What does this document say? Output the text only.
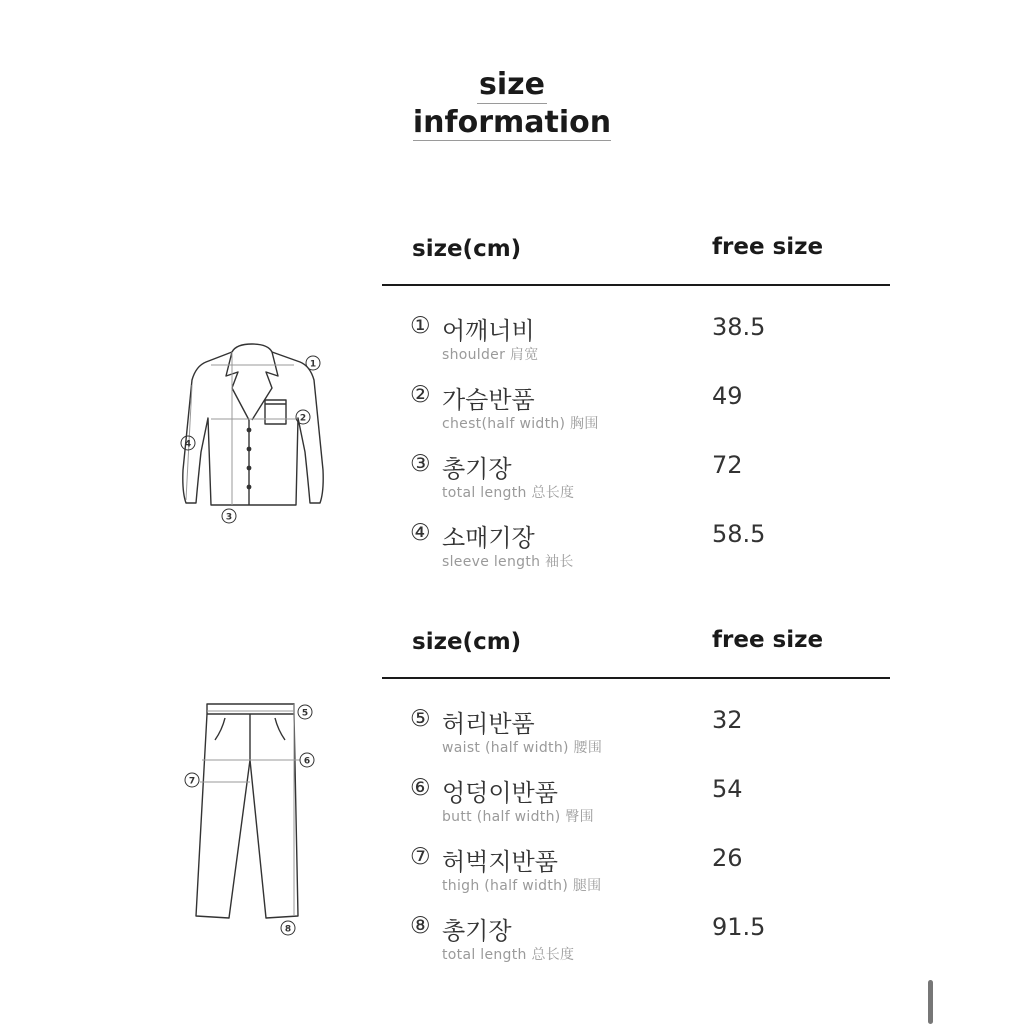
size
information
1
2
4
3
5
6
7
8
size(cm)	free size
① 어깨너비
shoulder 肩宽
38.5
② 가슴반품
chest(half width) 胸围
49
③ 총기장
total length 总长度
72
④ 소매기장
sleeve length 袖长
58.5
size(cm)	free size
⑤ 허리반품
waist (half width) 腰围
32
⑥ 엉덩이반품
butt (half width) 臀围
54
⑦ 허벅지반품
thigh (half width) 腿围
26
⑧ 총기장
total length 总长度
91.5
